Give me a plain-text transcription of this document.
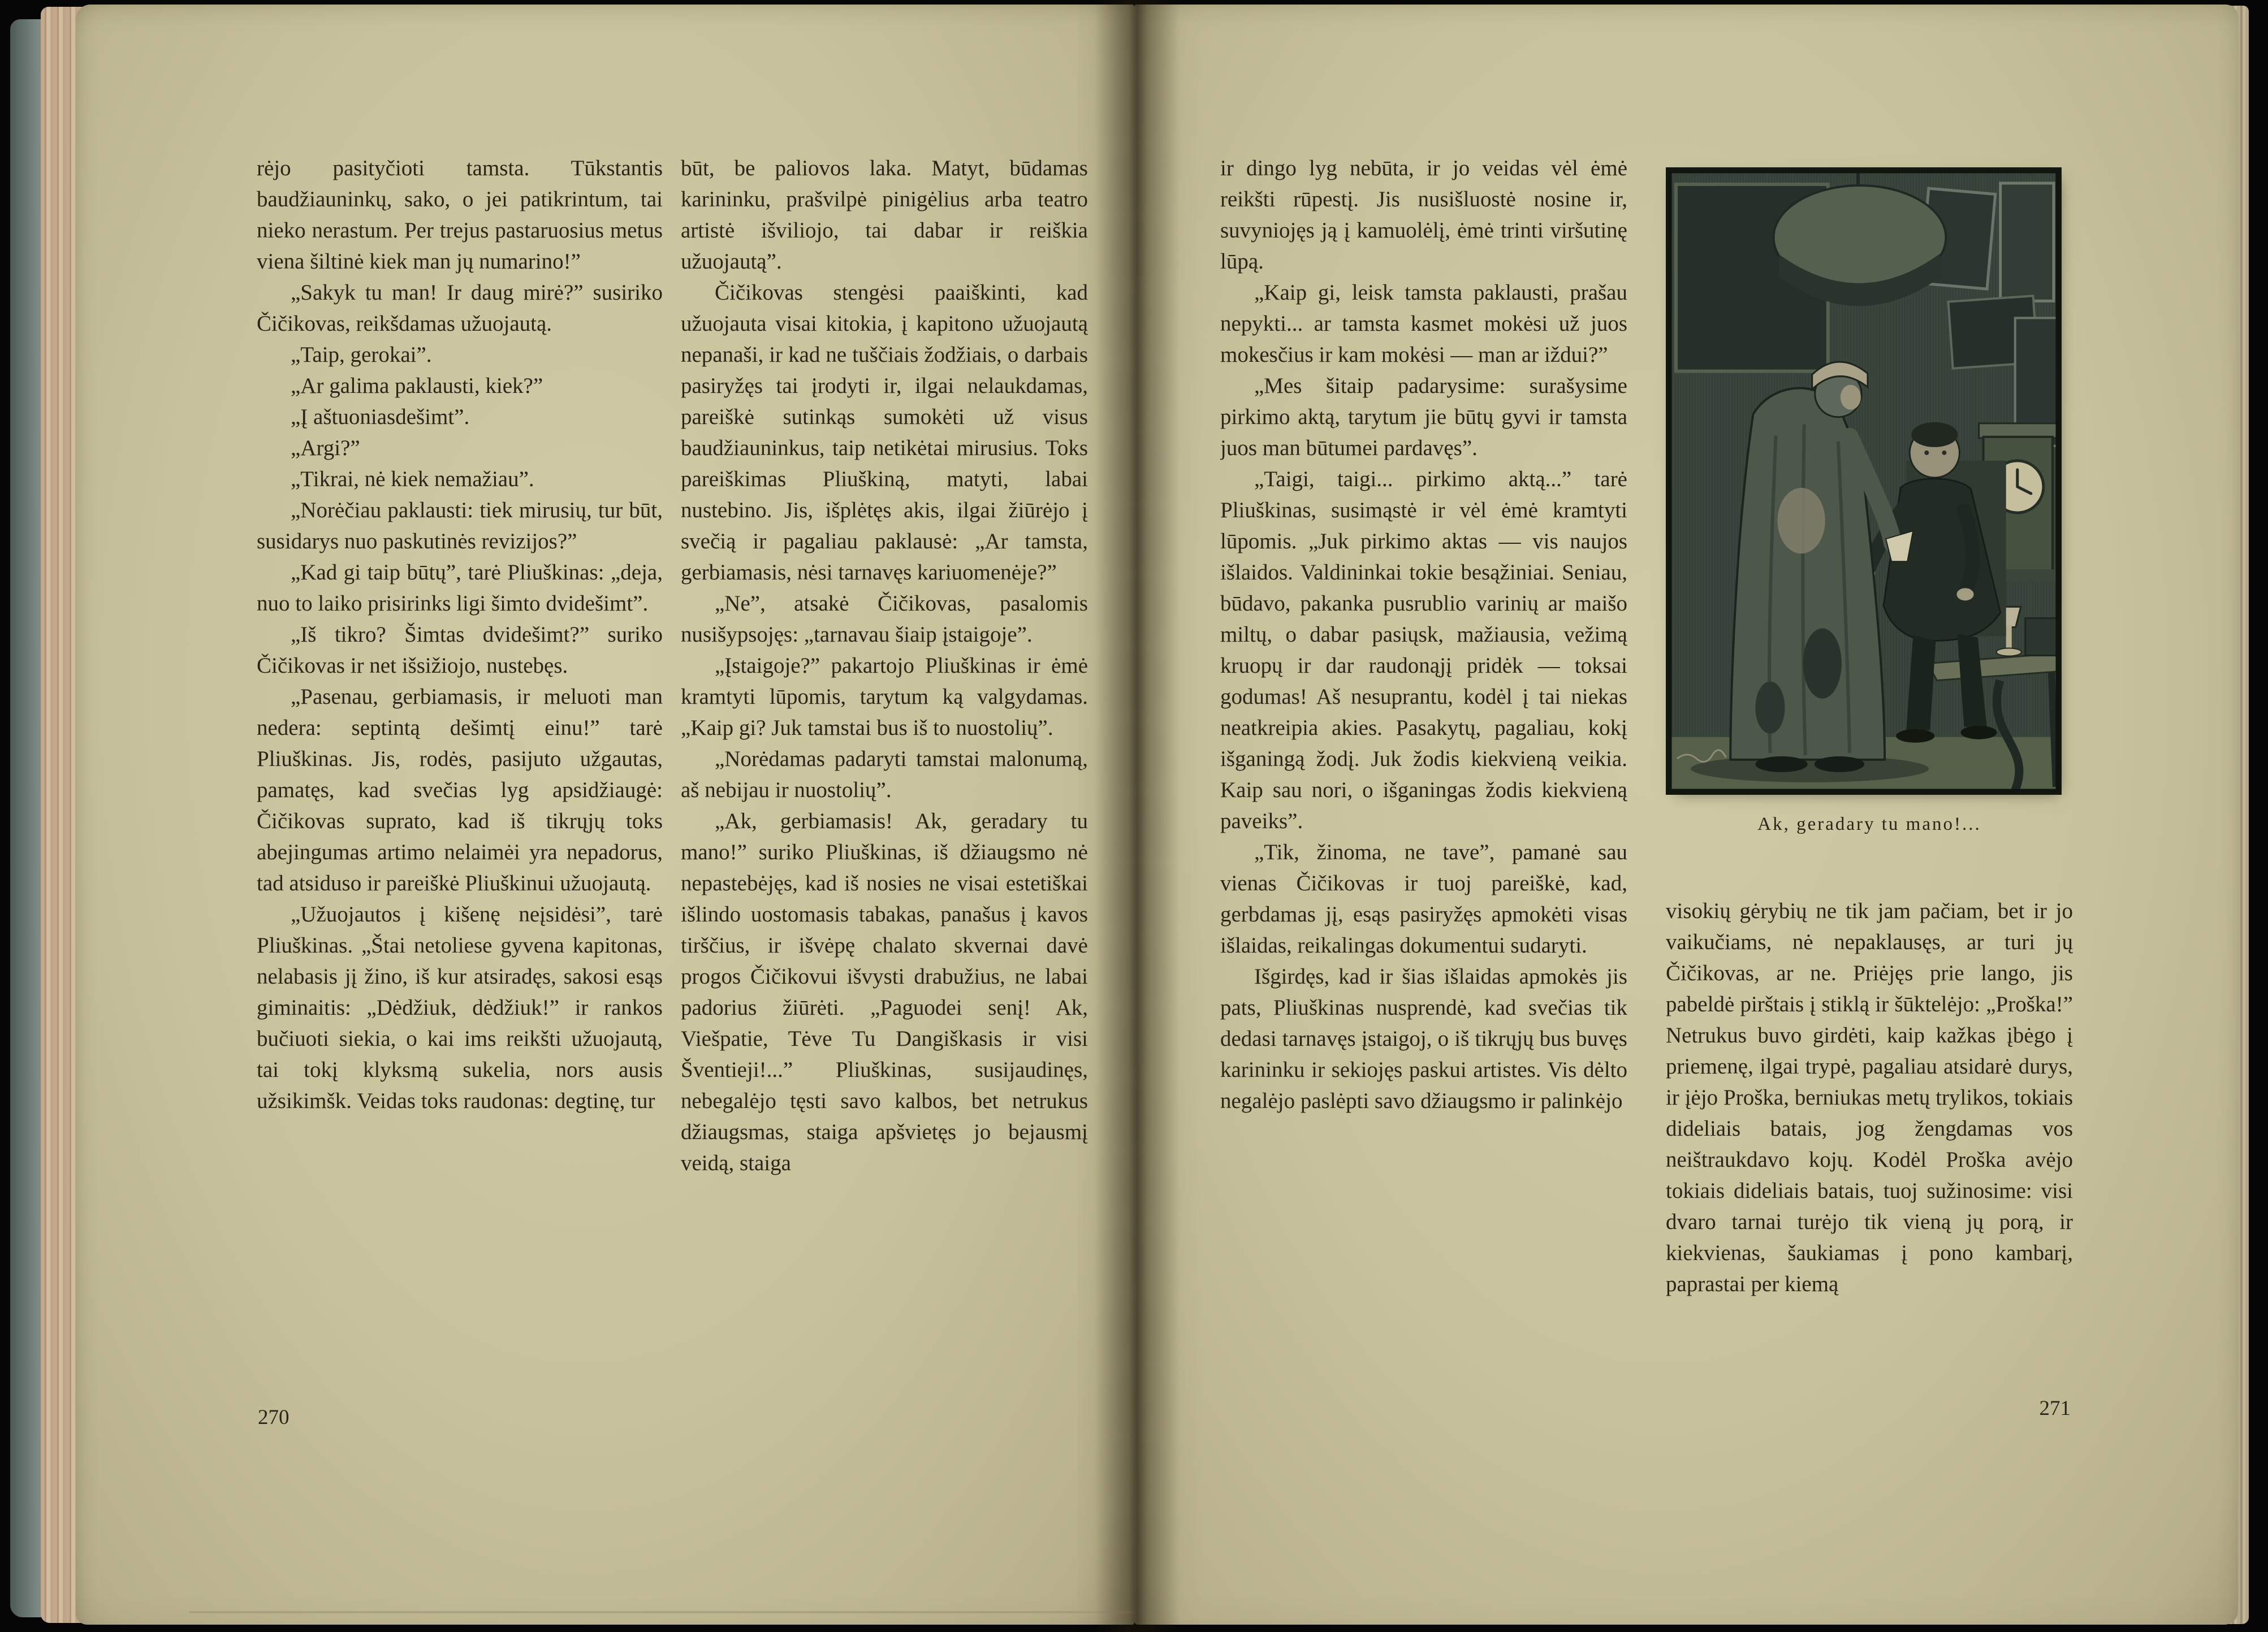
rėjo pasityčioti tamsta. Tūkstantis baudžiauninkų, sako, o jei patikrintum, tai nieko nerastum. Per trejus pastaruosius metus viena šiltinė kiek man jų numarino!”

„Sakyk tu man! Ir daug mirė?” susiriko Čičikovas, reikšdamas užuojautą.

„Taip, gerokai”.

„Ar galima paklausti, kiek?”

„Į aštuoniasdešimt”.

„Argi?”

„Tikrai, nė kiek nemažiau”.

„Norėčiau paklausti: tiek mirusių, tur būt, susidarys nuo paskutinės revizijos?”

„Kad gi taip būtų”, tarė Pliuškinas: „deja, nuo to laiko prisirinks ligi šimto dvidešimt”.

„Iš tikro? Šimtas dvidešimt?” suriko Čičikovas ir net išsižiojo, nustebęs.

„Pasenau, gerbiamasis, ir meluoti man nedera: septintą dešimtį einu!” tarė Pliuškinas. Jis, rodės, pasijuto užgautas, pamatęs, kad svečias lyg apsidžiaugė: Čičikovas suprato, kad iš tikrųjų toks abejingumas artimo nelaimėi yra nepadorus, tad atsiduso ir pareiškė Pliuškinui užuojautą.

„Užuojautos į kišenę neįsidėsi”, tarė Pliuškinas. „Štai netoliese gyvena kapitonas, nelabasis jį žino, iš kur atsiradęs, sakosi esąs giminaitis: „Dėdžiuk, dėdžiuk!” ir rankos bučiuoti siekia, o kai ims reikšti užuojautą, tai tokį klyksmą sukelia, nors ausis užsikimšk. Veidas toks raudonas: degtinę, tur

būt, be paliovos laka. Matyt, būdamas karininku, prašvilpė pinigėlius arba teatro artistė išviliojo, tai dabar ir reiškia užuojautą”.

Čičikovas stengėsi paaiškinti, kad užuojauta visai kitokia, į kapitono užuojautą nepanaši, ir kad ne tuščiais žodžiais, o darbais pasiryžęs tai įrodyti ir, ilgai nelaukdamas, pareiškė sutinkąs sumokėti už visus baudžiauninkus, taip netikėtai mirusius. Toks pareiškimas Pliuškiną, matyti, labai nustebino. Jis, išplėtęs akis, ilgai žiūrėjo į svečią ir pagaliau paklausė: „Ar tamsta, gerbiamasis, nėsi tarnavęs kariuomenėje?”

„Ne”, atsakė Čičikovas, pasalomis nusišypsojęs: „tarnavau šiaip įstaigoje”.

„Įstaigoje?” pakartojo Pliuškinas ir ėmė kramtyti lūpomis, tarytum ką valgydamas. „Kaip gi? Juk tamstai bus iš to nuostolių”.

„Norėdamas padaryti tamstai malonumą, aš nebijau ir nuostolių”.

„Ak, gerbiamasis! Ak, geradary tu mano!” suriko Pliuškinas, iš džiaugsmo nė nepastebėjęs, kad iš nosies ne visai estetiškai išlindo uostomasis tabakas, panašus į kavos tirščius, ir išvėpę chalato skvernai davė progos Čičikovui išvysti drabužius, ne labai padorius žiūrėti. „Paguodei senį! Ak, Viešpatie, Tėve Tu Dangiškasis ir visi Šventieji!...” Pliuškinas, susijaudinęs, nebegalėjo tęsti savo kalbos, bet netrukus džiaugsmas, staiga apšvietęs jo bejausmį veidą, staiga

270

ir dingo lyg nebūta, ir jo veidas vėl ėmė reikšti rūpestį. Jis nusišluostė nosine ir, suvyniojęs ją į kamuolėlį, ėmė trinti viršutinę lūpą.

„Kaip gi, leisk tamsta paklausti, prašau nepykti... ar tamsta kasmet mokėsi už juos mokesčius ir kam mokėsi — man ar iždui?”

„Mes šitaip padarysime: surašysime pirkimo aktą, tarytum jie būtų gyvi ir tamsta juos man būtumei pardavęs”.

„Taigi, taigi... pirkimo aktą...” tarė Pliuškinas, susimąstė ir vėl ėmė kramtyti lūpomis. „Juk pirkimo aktas — vis naujos išlaidos. Valdininkai tokie besąžiniai. Seniau, būdavo, pakanka pusrublio varinių ar maišo miltų, o dabar pasiųsk, mažiausia, vežimą kruopų ir dar raudonąjį pridėk — toksai godumas! Aš nesuprantu, kodėl į tai niekas neatkreipia akies. Pasakytų, pagaliau, kokį išganingą žodį. Juk žodis kiekvieną veikia. Kaip sau nori, o išganingas žodis kiekvieną paveiks”.

„Tik, žinoma, ne tave”, pamanė sau vienas Čičikovas ir tuoj pareiškė, kad, gerbdamas jį, esąs pasiryžęs apmokėti visas išlaidas, reikalingas dokumentui sudaryti.

Išgirdęs, kad ir šias išlaidas apmokės jis pats, Pliuškinas nusprendė, kad svečias tik dedasi tarnavęs įstaigoj, o iš tikrųjų bus buvęs karininku ir sekiojęs paskui artistes. Vis dėlto negalėjo paslėpti savo džiaugsmo ir palinkėjo

Ak, geradary tu mano!...

visokių gėrybių ne tik jam pačiam, bet ir jo vaikučiams, nė nepaklausęs, ar turi jų Čičikovas, ar ne. Priėjęs prie lango, jis pabeldė pirštais į stiklą ir šūktelėjo: „Proška!” Netrukus buvo girdėti, kaip kažkas įbėgo į priemenę, ilgai trypė, pagaliau atsidarė durys, ir įėjo Proška, berniukas metų trylikos, tokiais dideliais batais, jog žengdamas vos neištraukdavo kojų. Kodėl Proška avėjo tokiais dideliais batais, tuoj sužinosime: visi dvaro tarnai turėjo tik vieną jų porą, ir kiekvienas, šaukiamas į pono kambarį, paprastai per kiemą

271
